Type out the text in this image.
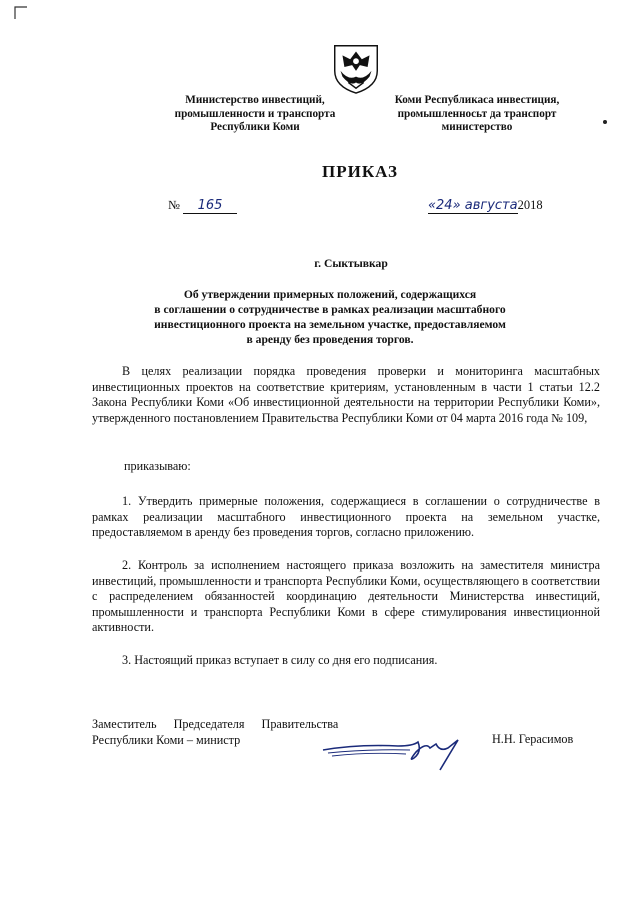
Министерство инвестиций,
промышленности и транспорта
Республики Коми
Коми Республикаса инвестиция,
промышленносьт да транспорт
министерство
ПРИКАЗ
№ 165	«24» августа2018
г. Сыктывкар
Об утверждении примерных положений, содержащихся
в соглашении о сотрудничестве в рамках реализации масштабного
инвестиционного проекта на земельном участке, предоставляемом
в аренду без проведения торгов.
В целях реализации порядка проведения проверки и мониторинга масштабных инвестиционных проектов на соответствие критериям, установленным в части 1 статьи 12.2 Закона Республики Коми «Об инвестиционной деятельности на территории Республики Коми», утвержденного постановлением Правительства Республики Коми от 04 марта 2016 года № 109,
приказываю:
1. Утвердить примерные положения, содержащиеся в соглашении о сотрудничестве в рамках реализации масштабного инвестиционного проекта на земельном участке, предоставляемом в аренду без проведения торгов, согласно приложению.
2. Контроль за исполнением настоящего приказа возложить на заместителя министра инвестиций, промышленности и транспорта Республики Коми, осуществляющего в соответствии с распределением обязанностей координацию деятельности Министерства инвестиций, промышленности и транспорта Республики Коми в сфере стимулирования инвестиционной активности.
3. Настоящий приказ вступает в силу со дня его подписания.
Заместитель Председателя Правительства
Республики Коми – министр	Н.Н. Герасимов
